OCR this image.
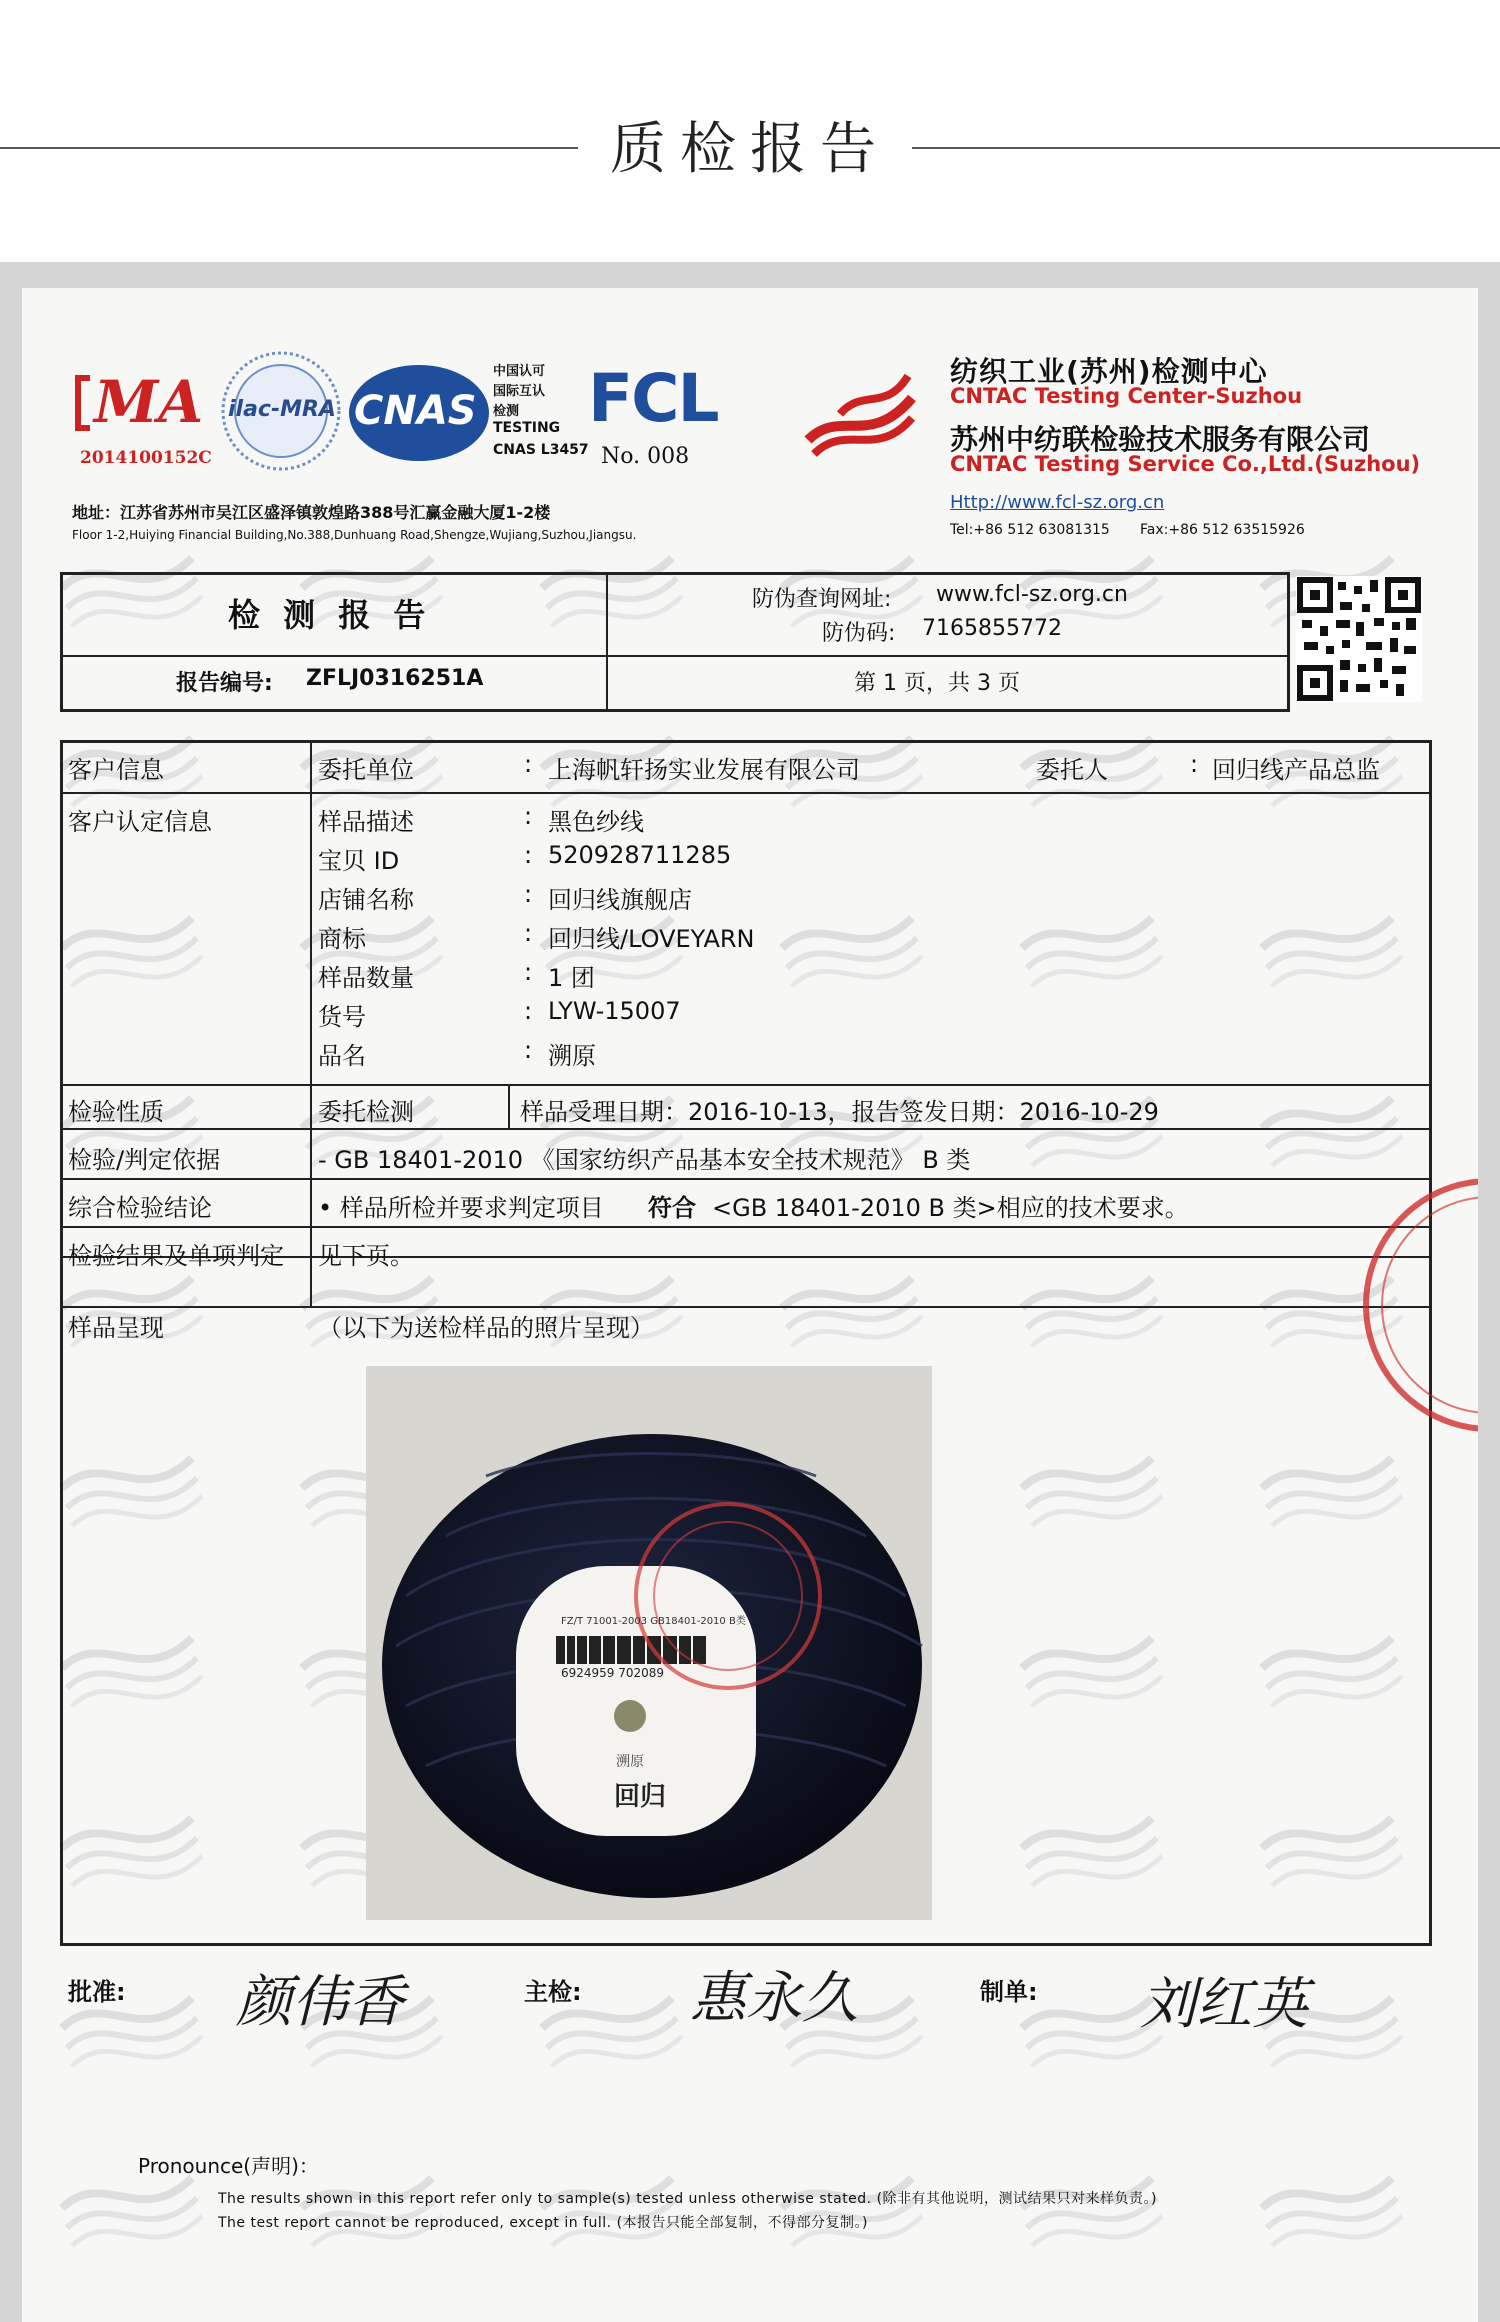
质检报告
MA
2014100152C
ilac-MRA CNAS
中国认可
国际互认
检测
TESTING
CNAS L3457
FCL
No. 008
纺织工业(苏州)检测中心
CNTAC Testing Center-Suzhou
苏州中纺联检验技术服务有限公司
CNTAC Testing Service Co.,Ltd.(Suzhou)
Http://www.fcl-sz.org.cn
Tel:+86 512 63081315 Fax:+86 512 63515926
地址：江苏省苏州市吴江区盛泽镇敦煌路388号汇赢金融大厦1-2楼
Floor 1-2,Huiying Financial Building,No.388,Dunhuang Road,Shengze,Wujiang,Suzhou,Jiangsu.
检 测 报 告
报告编号: ZFLJ0316251A
防伪查询网址: www.fcl-sz.org.cn
防伪码: 7165855772
第 1 页，共 3 页
客户信息	委托单位	: 上海帆轩扬实业发展有限公司	委托人	: 回归线产品总监
客户认定信息	样品描述	: 黑色纱线
宝贝 ID	: 520928711285
店铺名称	: 回归线旗舰店
商标	: 回归线/LOVEYARN
样品数量	: 1 团
货号	: LYW-15007
品名	: 溯原
检验性质	委托检测	样品受理日期：2016-10-13，报告签发日期：2016-10-29
检验/判定依据	- GB 18401-2010 《国家纺织产品基本安全技术规范》 B 类
综合检验结论	• 样品所检并要求判定项目 符合 <GB 18401-2010 B 类>相应的技术要求。
检验结果及单项判定 见下页。
样品呈现	（以下为送检样品的照片呈现）
FZ/T 71001-2003 GB18401-2010 B类
6924959 702089
溯原
回归
批准: 颜伟香	主检: 惠永久	制单: 刘红英
Pronounce(声明)：
The results shown in this report refer only to sample(s) tested unless otherwise stated. (除非有其他说明，测试结果只对来样负责。)
The test report cannot be reproduced, except in full. (本报告只能全部复制，不得部分复制。)
